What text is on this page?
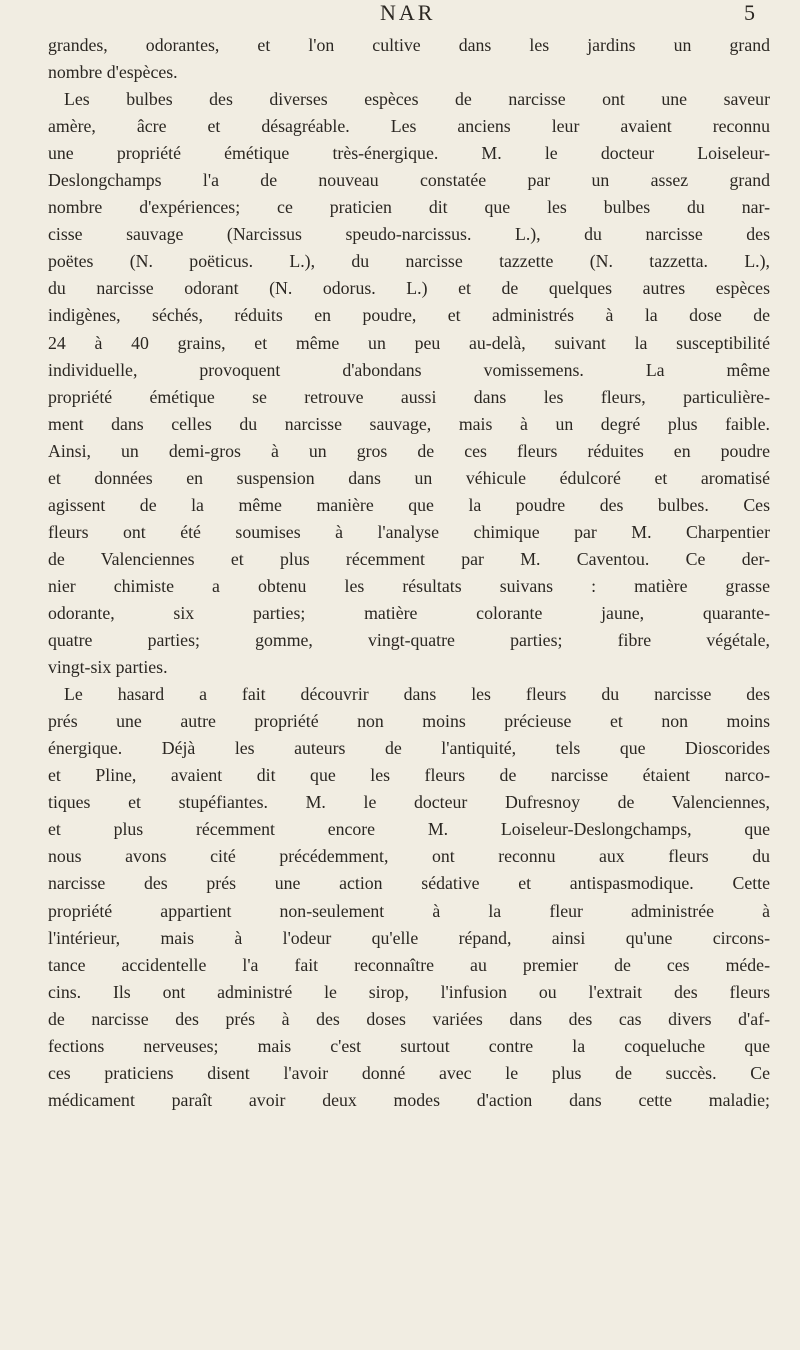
NAR	5

grandes, odorantes, et l'on cultive dans les jardins un grand

nombre d'espèces.

Les bulbes des diverses espèces de narcisse ont une saveur

amère, âcre et désagréable. Les anciens leur avaient reconnu

une propriété émétique très-énergique. M. le docteur Loiseleur-

Deslongchamps l'a de nouveau constatée par un assez grand

nombre d'expériences; ce praticien dit que les bulbes du nar-

cisse sauvage (Narcissus speudo-narcissus. L.), du narcisse des

poëtes (N. poëticus. L.), du narcisse tazzette (N. tazzetta. L.),

du narcisse odorant (N. odorus. L.) et de quelques autres espèces

indigènes, séchés, réduits en poudre, et administrés à la dose de

24 à 40 grains, et même un peu au-delà, suivant la susceptibilité

individuelle, provoquent d'abondans vomissemens. La même

propriété émétique se retrouve aussi dans les fleurs, particulière-

ment dans celles du narcisse sauvage, mais à un degré plus faible.

Ainsi, un demi-gros à un gros de ces fleurs réduites en poudre

et données en suspension dans un véhicule édulcoré et aromatisé

agissent de la même manière que la poudre des bulbes. Ces

fleurs ont été soumises à l'analyse chimique par M. Charpentier

de Valenciennes et plus récemment par M. Caventou. Ce der-

nier chimiste a obtenu les résultats suivans : matière grasse

odorante, six parties; matière colorante jaune, quarante-

quatre parties; gomme, vingt-quatre parties; fibre végétale,

vingt-six parties.

Le hasard a fait découvrir dans les fleurs du narcisse des

prés une autre propriété non moins précieuse et non moins

énergique. Déjà les auteurs de l'antiquité, tels que Dioscorides

et Pline, avaient dit que les fleurs de narcisse étaient narco-

tiques et stupéfiantes. M. le docteur Dufresnoy de Valenciennes,

et plus récemment encore M. Loiseleur-Deslongchamps, que

nous avons cité précédemment, ont reconnu aux fleurs du

narcisse des prés une action sédative et antispasmodique. Cette

propriété appartient non-seulement à la fleur administrée à

l'intérieur, mais à l'odeur qu'elle répand, ainsi qu'une circons-

tance accidentelle l'a fait reconnaître au premier de ces méde-

cins. Ils ont administré le sirop, l'infusion ou l'extrait des fleurs

de narcisse des prés à des doses variées dans des cas divers d'af-

fections nerveuses; mais c'est surtout contre la coqueluche que

ces praticiens disent l'avoir donné avec le plus de succès. Ce

médicament paraît avoir deux modes d'action dans cette maladie;
